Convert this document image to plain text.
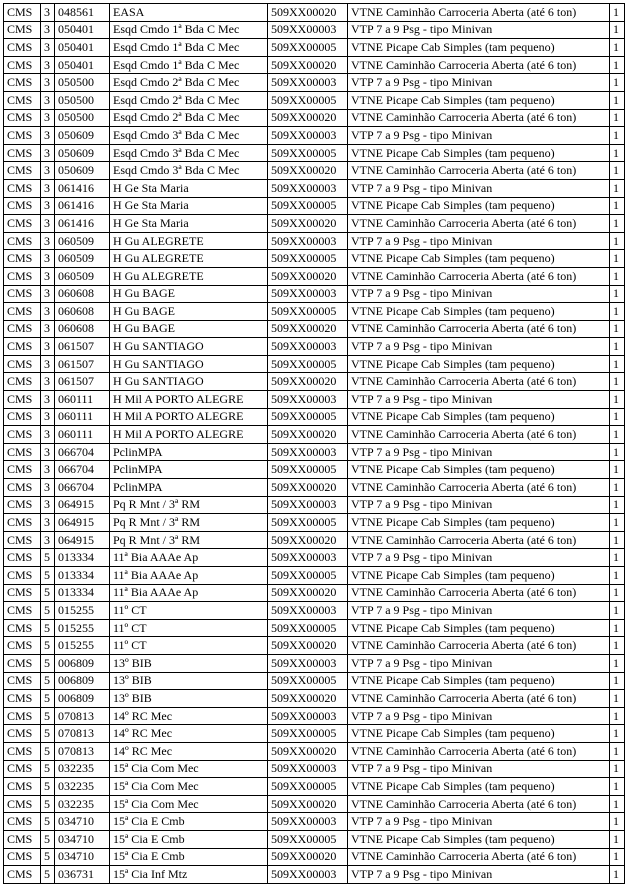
CMS	3	048561	EASA	509XX00020	VTNE Caminhão Carroceria Aberta (até 6 ton)	1
CMS	3	050401	Esqd Cmdo 1ª Bda C Mec	509XX00003	VTP 7 a 9 Psg - tipo Minivan	1
CMS	3	050401	Esqd Cmdo 1ª Bda C Mec	509XX00005	VTNE Picape Cab Simples (tam pequeno)	1
CMS	3	050401	Esqd Cmdo 1ª Bda C Mec	509XX00020	VTNE Caminhão Carroceria Aberta (até 6 ton)	1
CMS	3	050500	Esqd Cmdo 2ª Bda C Mec	509XX00003	VTP 7 a 9 Psg - tipo Minivan	1
CMS	3	050500	Esqd Cmdo 2ª Bda C Mec	509XX00005	VTNE Picape Cab Simples (tam pequeno)	1
CMS	3	050500	Esqd Cmdo 2ª Bda C Mec	509XX00020	VTNE Caminhão Carroceria Aberta (até 6 ton)	1
CMS	3	050609	Esqd Cmdo 3ª Bda C Mec	509XX00003	VTP 7 a 9 Psg - tipo Minivan	1
CMS	3	050609	Esqd Cmdo 3ª Bda C Mec	509XX00005	VTNE Picape Cab Simples (tam pequeno)	1
CMS	3	050609	Esqd Cmdo 3ª Bda C Mec	509XX00020	VTNE Caminhão Carroceria Aberta (até 6 ton)	1
CMS	3	061416	H Ge Sta Maria	509XX00003	VTP 7 a 9 Psg - tipo Minivan	1
CMS	3	061416	H Ge Sta Maria	509XX00005	VTNE Picape Cab Simples (tam pequeno)	1
CMS	3	061416	H Ge Sta Maria	509XX00020	VTNE Caminhão Carroceria Aberta (até 6 ton)	1
CMS	3	060509	H Gu ALEGRETE	509XX00003	VTP 7 a 9 Psg - tipo Minivan	1
CMS	3	060509	H Gu ALEGRETE	509XX00005	VTNE Picape Cab Simples (tam pequeno)	1
CMS	3	060509	H Gu ALEGRETE	509XX00020	VTNE Caminhão Carroceria Aberta (até 6 ton)	1
CMS	3	060608	H Gu BAGE	509XX00003	VTP 7 a 9 Psg - tipo Minivan	1
CMS	3	060608	H Gu BAGE	509XX00005	VTNE Picape Cab Simples (tam pequeno)	1
CMS	3	060608	H Gu BAGE	509XX00020	VTNE Caminhão Carroceria Aberta (até 6 ton)	1
CMS	3	061507	H Gu SANTIAGO	509XX00003	VTP 7 a 9 Psg - tipo Minivan	1
CMS	3	061507	H Gu SANTIAGO	509XX00005	VTNE Picape Cab Simples (tam pequeno)	1
CMS	3	061507	H Gu SANTIAGO	509XX00020	VTNE Caminhão Carroceria Aberta (até 6 ton)	1
CMS	3	060111	H Mil A PORTO ALEGRE	509XX00003	VTP 7 a 9 Psg - tipo Minivan	1
CMS	3	060111	H Mil A PORTO ALEGRE	509XX00005	VTNE Picape Cab Simples (tam pequeno)	1
CMS	3	060111	H Mil A PORTO ALEGRE	509XX00020	VTNE Caminhão Carroceria Aberta (até 6 ton)	1
CMS	3	066704	PclinMPA	509XX00003	VTP 7 a 9 Psg - tipo Minivan	1
CMS	3	066704	PclinMPA	509XX00005	VTNE Picape Cab Simples (tam pequeno)	1
CMS	3	066704	PclinMPA	509XX00020	VTNE Caminhão Carroceria Aberta (até 6 ton)	1
CMS	3	064915	Pq R Mnt / 3ª RM	509XX00003	VTP 7 a 9 Psg - tipo Minivan	1
CMS	3	064915	Pq R Mnt / 3ª RM	509XX00005	VTNE Picape Cab Simples (tam pequeno)	1
CMS	3	064915	Pq R Mnt / 3ª RM	509XX00020	VTNE Caminhão Carroceria Aberta (até 6 ton)	1
CMS	5	013334	11ª Bia AAAe Ap	509XX00003	VTP 7 a 9 Psg - tipo Minivan	1
CMS	5	013334	11ª Bia AAAe Ap	509XX00005	VTNE Picape Cab Simples (tam pequeno)	1
CMS	5	013334	11ª Bia AAAe Ap	509XX00020	VTNE Caminhão Carroceria Aberta (até 6 ton)	1
CMS	5	015255	11º CT	509XX00003	VTP 7 a 9 Psg - tipo Minivan	1
CMS	5	015255	11º CT	509XX00005	VTNE Picape Cab Simples (tam pequeno)	1
CMS	5	015255	11º CT	509XX00020	VTNE Caminhão Carroceria Aberta (até 6 ton)	1
CMS	5	006809	13º BIB	509XX00003	VTP 7 a 9 Psg - tipo Minivan	1
CMS	5	006809	13º BIB	509XX00005	VTNE Picape Cab Simples (tam pequeno)	1
CMS	5	006809	13º BIB	509XX00020	VTNE Caminhão Carroceria Aberta (até 6 ton)	1
CMS	5	070813	14º RC Mec	509XX00003	VTP 7 a 9 Psg - tipo Minivan	1
CMS	5	070813	14º RC Mec	509XX00005	VTNE Picape Cab Simples (tam pequeno)	1
CMS	5	070813	14º RC Mec	509XX00020	VTNE Caminhão Carroceria Aberta (até 6 ton)	1
CMS	5	032235	15ª Cia Com Mec	509XX00003	VTP 7 a 9 Psg - tipo Minivan	1
CMS	5	032235	15ª Cia Com Mec	509XX00005	VTNE Picape Cab Simples (tam pequeno)	1
CMS	5	032235	15ª Cia Com Mec	509XX00020	VTNE Caminhão Carroceria Aberta (até 6 ton)	1
CMS	5	034710	15ª Cia E Cmb	509XX00003	VTP 7 a 9 Psg - tipo Minivan	1
CMS	5	034710	15ª Cia E Cmb	509XX00005	VTNE Picape Cab Simples (tam pequeno)	1
CMS	5	034710	15ª Cia E Cmb	509XX00020	VTNE Caminhão Carroceria Aberta (até 6 ton)	1
CMS	5	036731	15ª Cia Inf Mtz	509XX00003	VTP 7 a 9 Psg - tipo Minivan	1
